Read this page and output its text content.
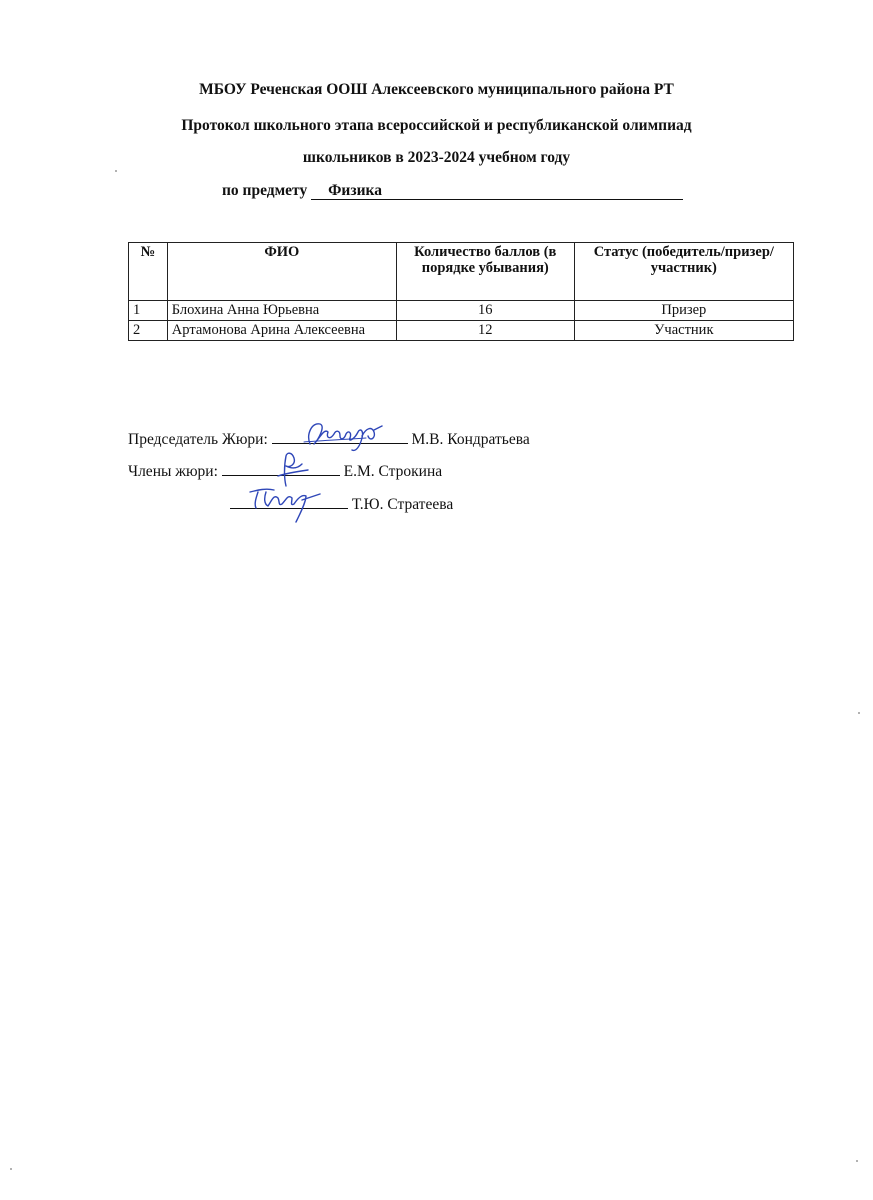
МБОУ Реченская ООШ Алексеевского муниципального района РТ
Протокол школьного этапа всероссийской и республиканской олимпиад
школьников в 2023-2024 учебном году
по предмету Физика
№	ФИО	Количество баллов (в порядке убывания)	Статус (победитель/призер/участник)
1	Блохина Анна Юрьевна	16	Призер
2	Артамонова Арина Алексеевна	12	Участник
Председатель Жюри:	М.В. Кондратьева
Члены жюри:	Е.М. Строкина
Т.Ю. Стратеева
